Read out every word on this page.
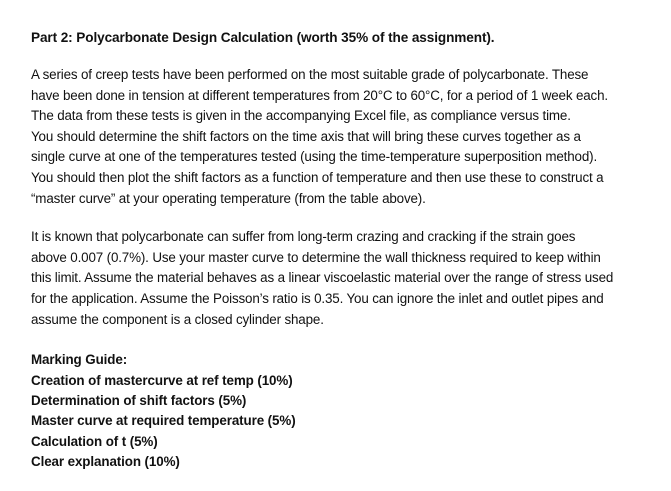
Part 2: Polycarbonate Design Calculation (worth 35% of the assignment).

A series of creep tests have been performed on the most suitable grade of polycarbonate. These
have been done in tension at different temperatures from 20°C to 60°C, for a period of 1 week each.
The data from these tests is given in the accompanying Excel file, as compliance versus time.
You should determine the shift factors on the time axis that will bring these curves together as a
single curve at one of the temperatures tested (using the time-temperature superposition method).
You should then plot the shift factors as a function of temperature and then use these to construct a
“master curve” at your operating temperature (from the table above).

It is known that polycarbonate can suffer from long-term crazing and cracking if the strain goes
above 0.007 (0.7%). Use your master curve to determine the wall thickness required to keep within
this limit. Assume the material behaves as a linear viscoelastic material over the range of stress used
for the application. Assume the Poisson’s ratio is 0.35. You can ignore the inlet and outlet pipes and
assume the component is a closed cylinder shape.

Marking Guide:
Creation of mastercurve at ref temp (10%)
Determination of shift factors (5%)
Master curve at required temperature (5%)
Calculation of t (5%)
Clear explanation (10%)
